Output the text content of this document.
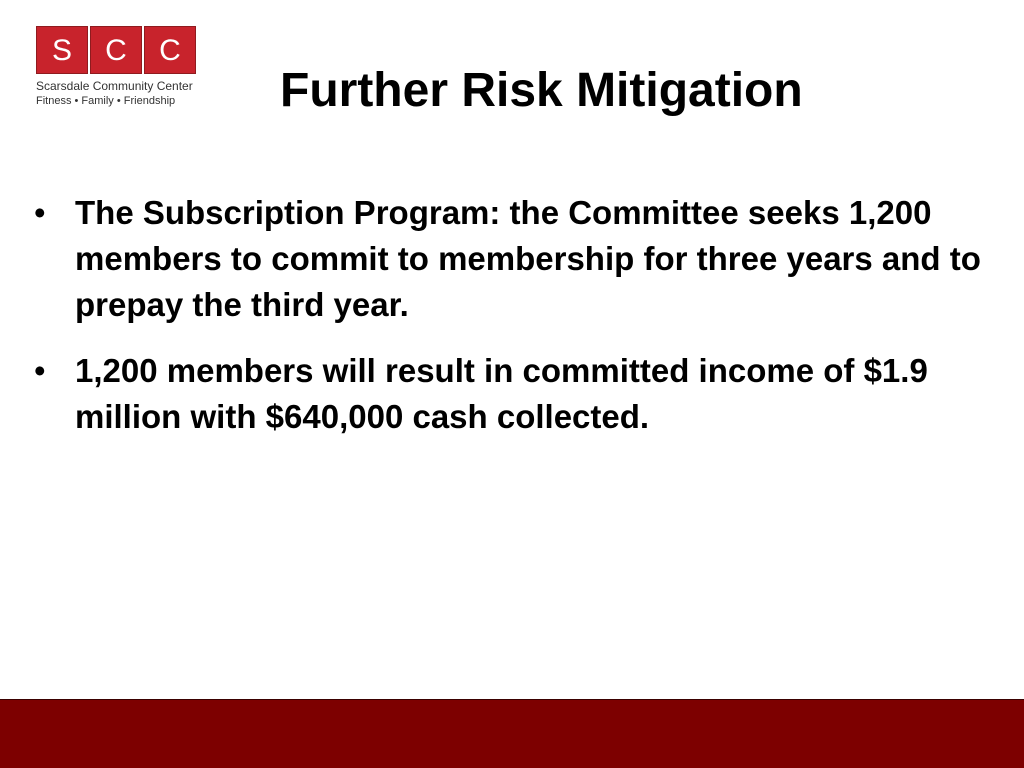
S	C	C
Scarsdale Community Center
Fitness • Family • Friendship	Further Risk Mitigation
• The Subscription Program: the Committee seeks 1,200 members to commit to membership for three years and to prepay the third year.
• 1,200 members will result in committed income of $1.9 million with $640,000 cash collected.
